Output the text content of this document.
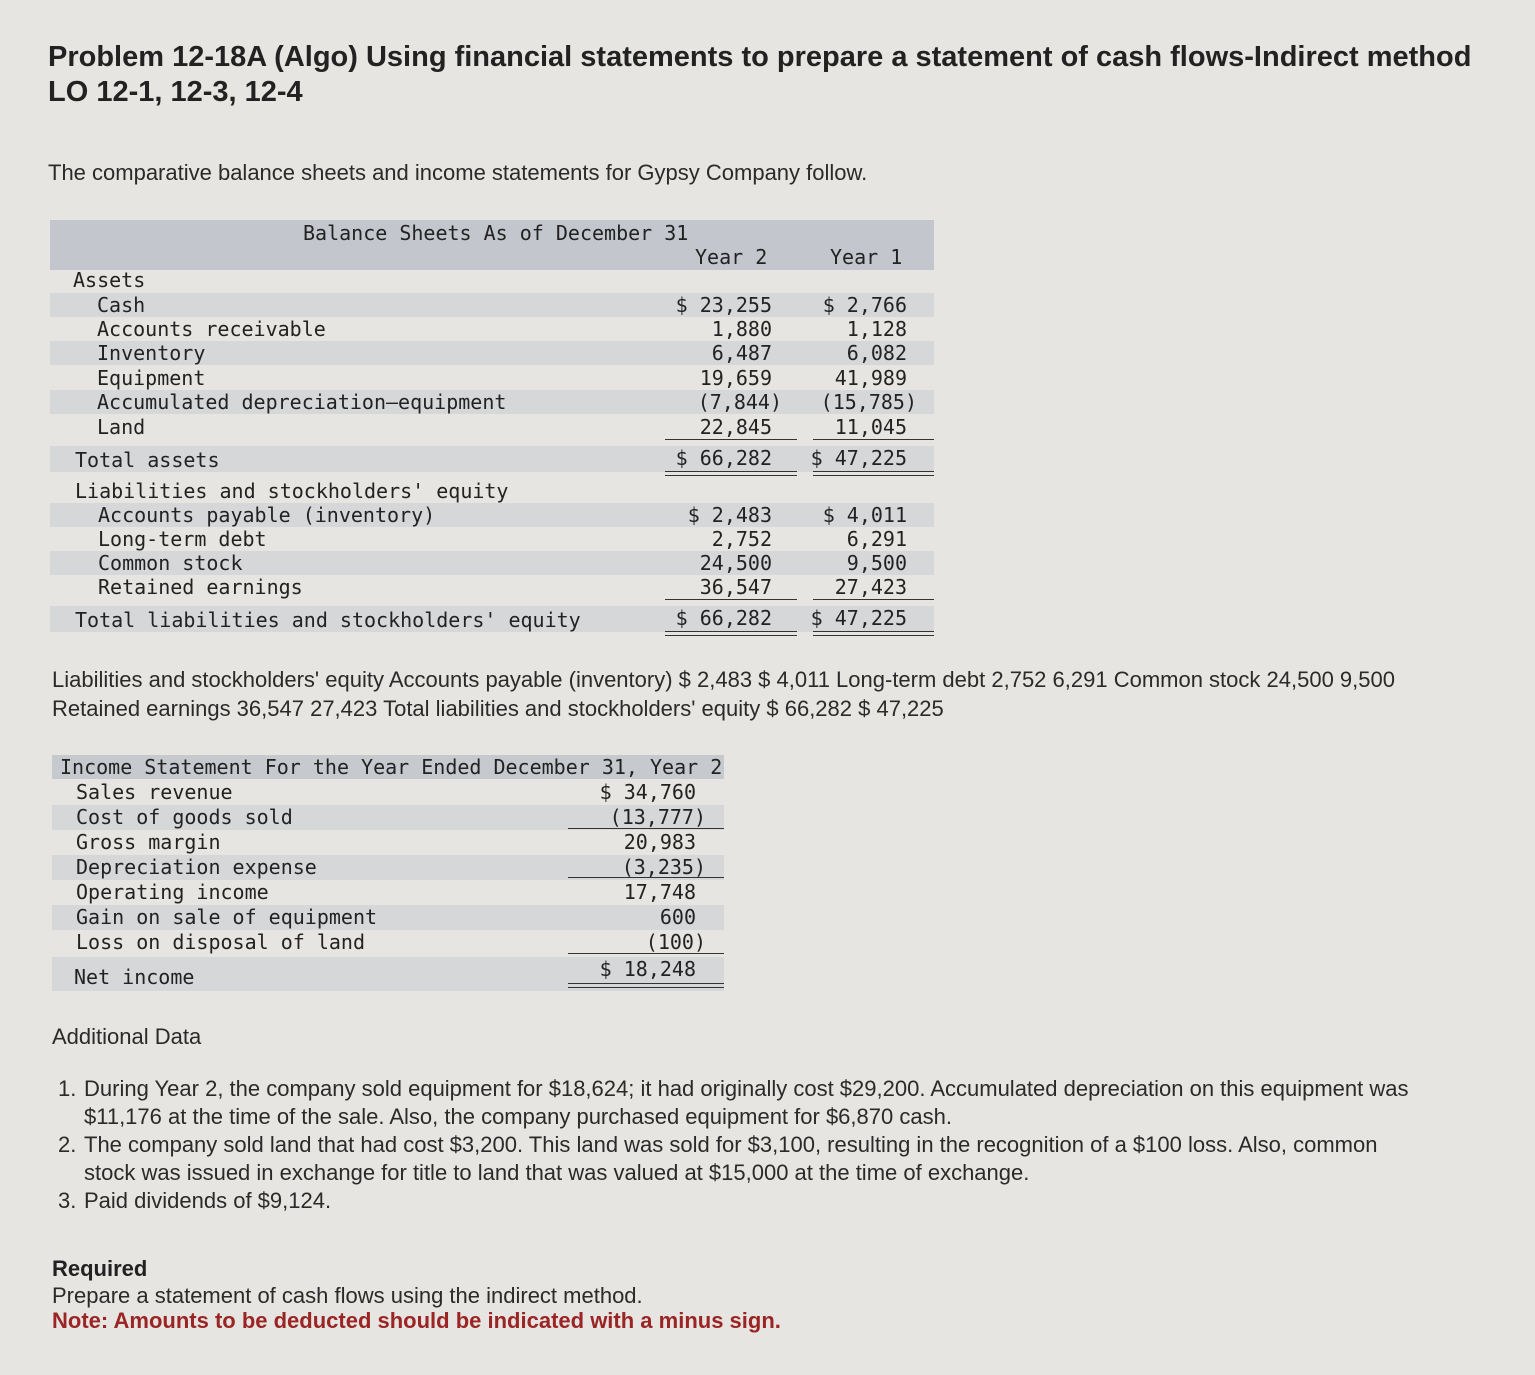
Problem 12-18A (Algo) Using financial statements to prepare a statement of cash flows-Indirect method LO 12-1, 12-3, 12-4
The comparative balance sheets and income statements for Gypsy Company follow.
Balance Sheets As of December 31
Year 2	Year 1
Assets
Cash	$ 23,255	$ 2,766
Accounts receivable	1,880	1,128
Inventory	6,487	6,082
Equipment	19,659	41,989
Accumulated depreciation—equipment	(7,844) (15,785)
Land	22,845	11,045
Total assets	$ 66,282 $ 47,225
Liabilities and stockholders' equity
Accounts payable (inventory)	$ 2,483	$ 4,011
Long-term debt	2,752	6,291
Common stock	24,500	9,500
Retained earnings	36,547	27,423
Total liabilities and stockholders' equity	$ 66,282 $ 47,225
Liabilities and stockholders' equity Accounts payable (inventory) $ 2,483 $ 4,011 Long-term debt 2,752 6,291 Common stock 24,500 9,500 Retained earnings 36,547 27,423 Total liabilities and stockholders' equity $ 66,282 $ 47,225
Income Statement For the Year Ended December 31, Year 2
Sales revenue	$ 34,760
Cost of goods sold	(13,777)
Gross margin	20,983
Depreciation expense	(3,235)
Operating income	17,748
Gain on sale of equipment	600
Loss on disposal of land	(100)
Net income	$ 18,248
Additional Data
1. During Year 2, the company sold equipment for $18,624; it had originally cost $29,200. Accumulated depreciation on this equipment was $11,176 at the time of the sale. Also, the company purchased equipment for $6,870 cash.
2. The company sold land that had cost $3,200. This land was sold for $3,100, resulting in the recognition of a $100 loss. Also, common stock was issued in exchange for title to land that was valued at $15,000 at the time of exchange.
3. Paid dividends of $9,124.
Required
Prepare a statement of cash flows using the indirect method.
Note: Amounts to be deducted should be indicated with a minus sign.
